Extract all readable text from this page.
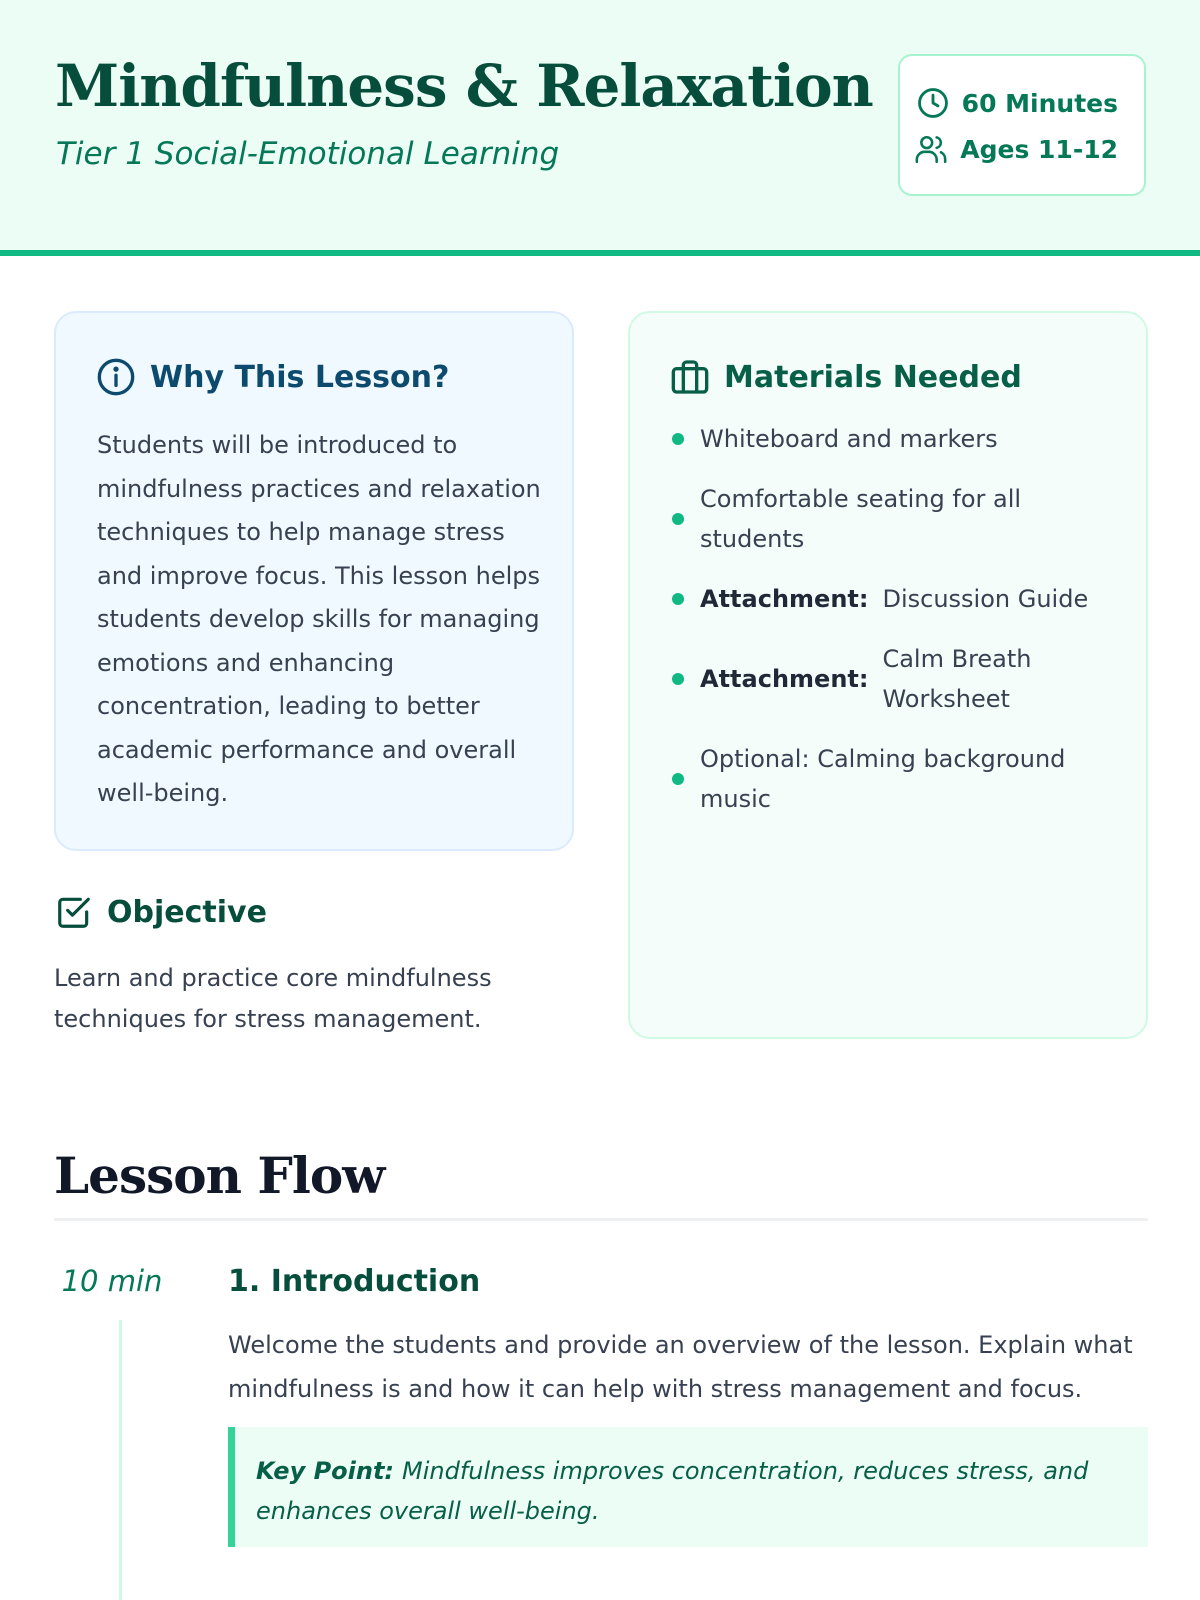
Mindfulness & Relaxation
Tier 1 Social-Emotional Learning
60 Minutes
Ages 11-12
Why This Lesson?

Students will be introduced to mindfulness practices and relaxation techniques to help manage stress and improve focus. This lesson helps students develop skills for managing emotions and enhancing concentration, leading to better academic performance and overall well-being.

Objective

Learn and practice core mindfulness techniques for stress management.

Materials Needed
Whiteboard and markers
Comfortable seating for all students
Attachment: Discussion Guide
Attachment:
Calm Breath Worksheet
Optional: Calming background music
Lesson Flow
10 min 1. Introduction

Welcome the students and provide an overview of the lesson. Explain what mindfulness is and how it can help with stress management and focus.

Key Point: Mindfulness improves concentration, reduces stress, and enhances overall well-being.
